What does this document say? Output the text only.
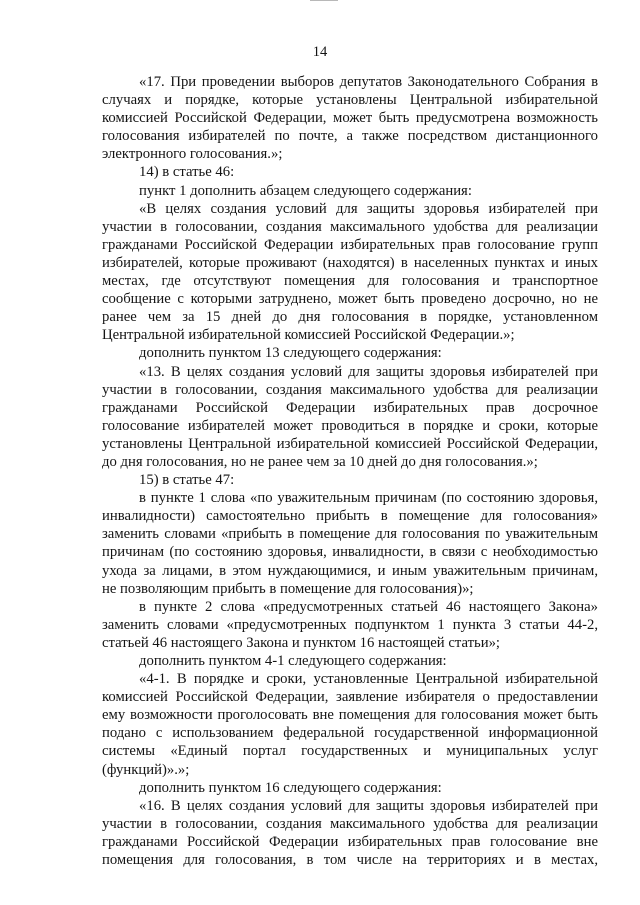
14
«17. При проведении выборов депутатов Законодательного Собрания в
случаях и порядке, которые установлены Центральной избирательной
комиссией Российской Федерации, может быть предусмотрена возможность
голосования избирателей по почте, а также посредством дистанционного
электронного голосования.»;
14) в статье 46:
пункт 1 дополнить абзацем следующего содержания:
«В целях создания условий для защиты здоровья избирателей при
участии в голосовании, создания максимального удобства для реализации
гражданами Российской Федерации избирательных прав голосование групп
избирателей, которые проживают (находятся) в населенных пунктах и иных
местах, где отсутствуют помещения для голосования и транспортное
сообщение с которыми затруднено, может быть проведено досрочно, но не
ранее чем за 15 дней до дня голосования в порядке, установленном
Центральной избирательной комиссией Российской Федерации.»;
дополнить пунктом 13 следующего содержания:
«13. В целях создания условий для защиты здоровья избирателей при
участии в голосовании, создания максимального удобства для реализации
гражданами Российской Федерации избирательных прав досрочное
голосование избирателей может проводиться в порядке и сроки, которые
установлены Центральной избирательной комиссией Российской Федерации,
до дня голосования, но не ранее чем за 10 дней до дня голосования.»;
15) в статье 47:
в пункте 1 слова «по уважительным причинам (по состоянию здоровья,
инвалидности) самостоятельно прибыть в помещение для голосования»
заменить словами «прибыть в помещение для голосования по уважительным
причинам (по состоянию здоровья, инвалидности, в связи с необходимостью
ухода за лицами, в этом нуждающимися, и иным уважительным причинам,
не позволяющим прибыть в помещение для голосования)»;
в пункте 2 слова «предусмотренных статьей 46 настоящего Закона»
заменить словами «предусмотренных подпунктом 1 пункта 3 статьи 44-2,
статьей 46 настоящего Закона и пунктом 16 настоящей статьи»;
дополнить пунктом 4-1 следующего содержания:
«4-1. В порядке и сроки, установленные Центральной избирательной
комиссией Российской Федерации, заявление избирателя о предоставлении
ему возможности проголосовать вне помещения для голосования может быть
подано с использованием федеральной государственной информационной
системы «Единый портал государственных и муниципальных услуг
(функций)».»;
дополнить пунктом 16 следующего содержания:
«16. В целях создания условий для защиты здоровья избирателей при
участии в голосовании, создания максимального удобства для реализации
гражданами Российской Федерации избирательных прав голосование вне
помещения для голосования, в том числе на территориях и в местах,
